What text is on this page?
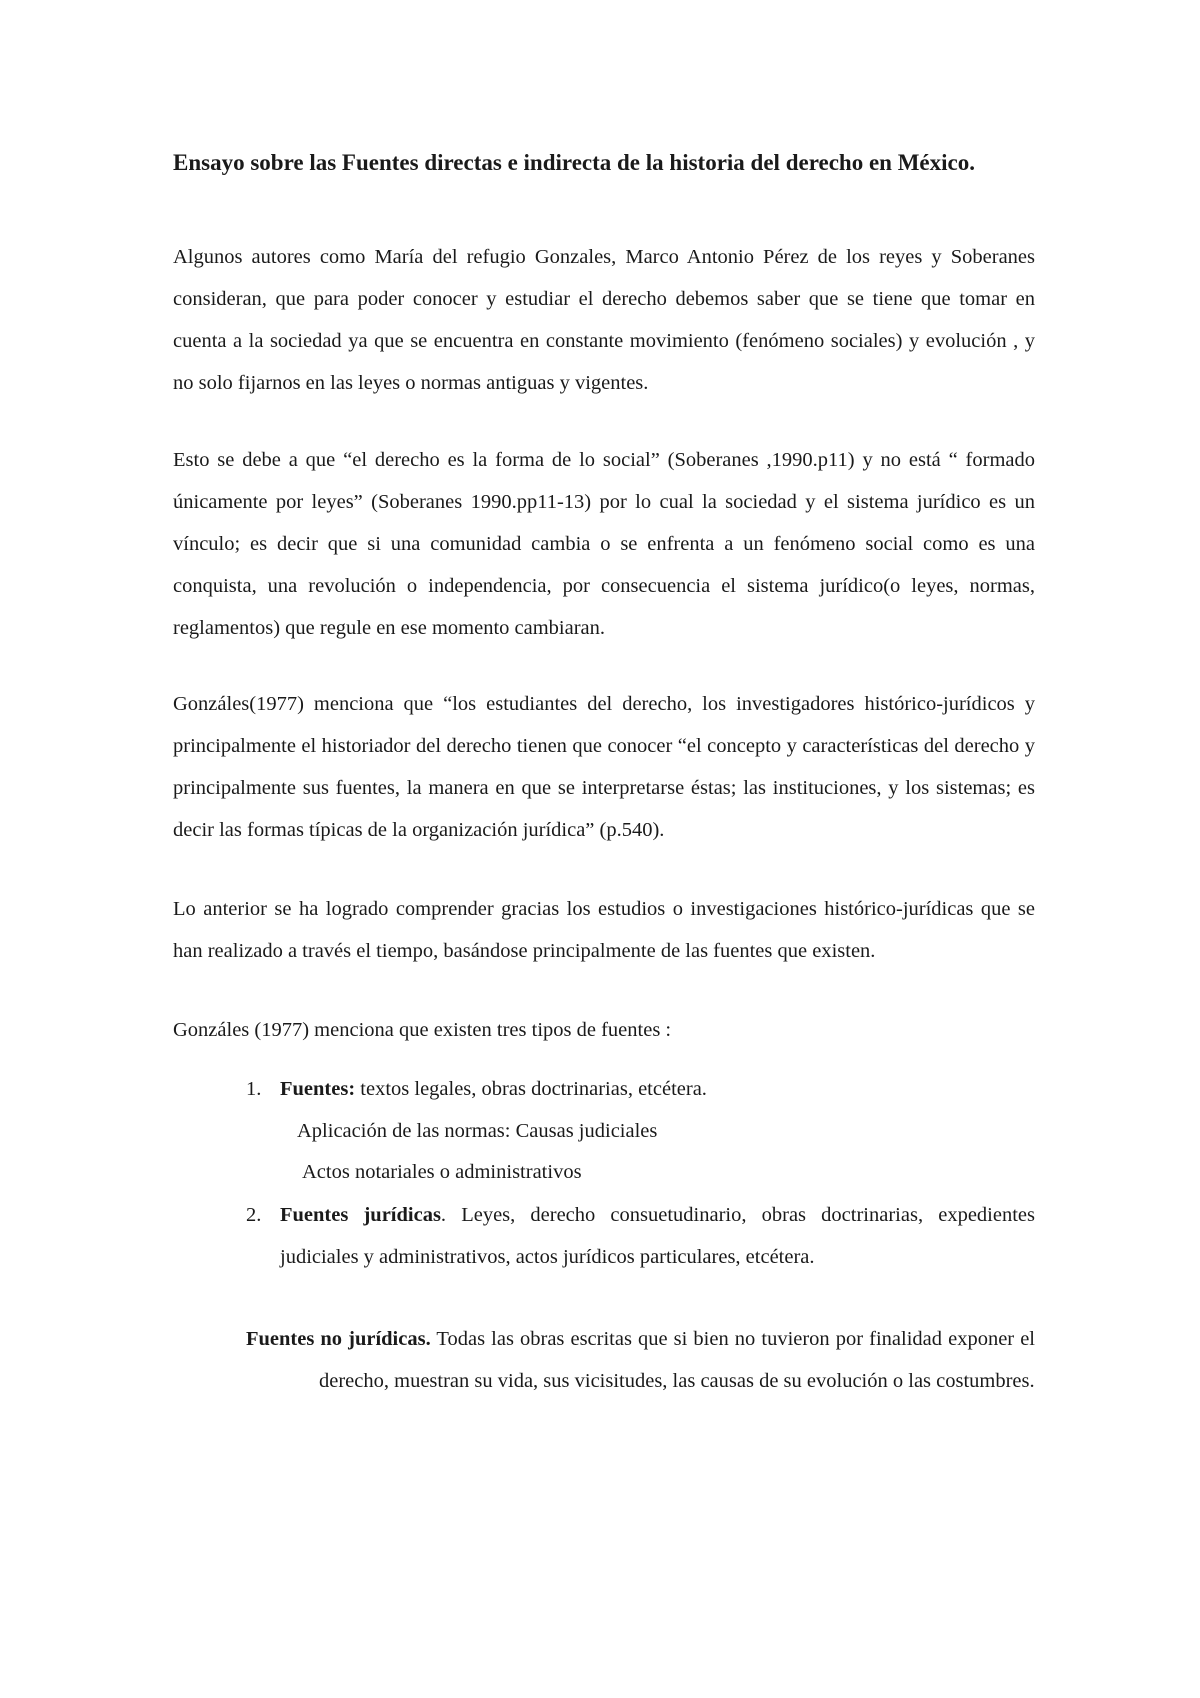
Ensayo sobre las Fuentes directas e indirecta de la historia del derecho en México.

Algunos autores como María del refugio Gonzales, Marco Antonio Pérez de los reyes y Soberanes consideran, que para poder conocer y estudiar el derecho debemos saber que se tiene que tomar en cuenta a la sociedad ya que se encuentra en constante movimiento (fenómeno sociales) y evolución , y no solo fijarnos en las leyes o normas antiguas y vigentes.

Esto se debe a que “el derecho es la forma de lo social” (Soberanes ,1990.p11) y no está “ formado únicamente por leyes” (Soberanes 1990.pp11-13) por lo cual la sociedad y el sistema jurídico es un vínculo; es decir que si una comunidad cambia o se enfrenta a un fenómeno social como es una conquista, una revolución o independencia, por consecuencia el sistema jurídico(o leyes, normas, reglamentos) que regule en ese momento cambiaran.

Gonzáles(1977) menciona que “los estudiantes del derecho, los investigadores histórico-jurídicos y principalmente el historiador del derecho tienen que conocer “el concepto y características del derecho y principalmente sus fuentes, la manera en que se interpretarse éstas; las instituciones, y los sistemas; es decir las formas típicas de la organización jurídica” (p.540).

Lo anterior se ha logrado comprender gracias los estudios o investigaciones histórico-jurídicas que se han realizado a través el tiempo, basándose principalmente de las fuentes que existen.

Gonzáles (1977) menciona que existen tres tipos de fuentes :

1. Fuentes: textos legales, obras doctrinarias, etcétera.

Aplicación de las normas: Causas judiciales

Actos notariales o administrativos

2. Fuentes jurídicas. Leyes, derecho consuetudinario, obras doctrinarias, expedientes judiciales y administrativos, actos jurídicos particulares, etcétera.

Fuentes no jurídicas. Todas las obras escritas que si bien no tuvieron por finalidad exponer el derecho, muestran su vida, sus vicisitudes, las causas de su evolución o las costumbres.
